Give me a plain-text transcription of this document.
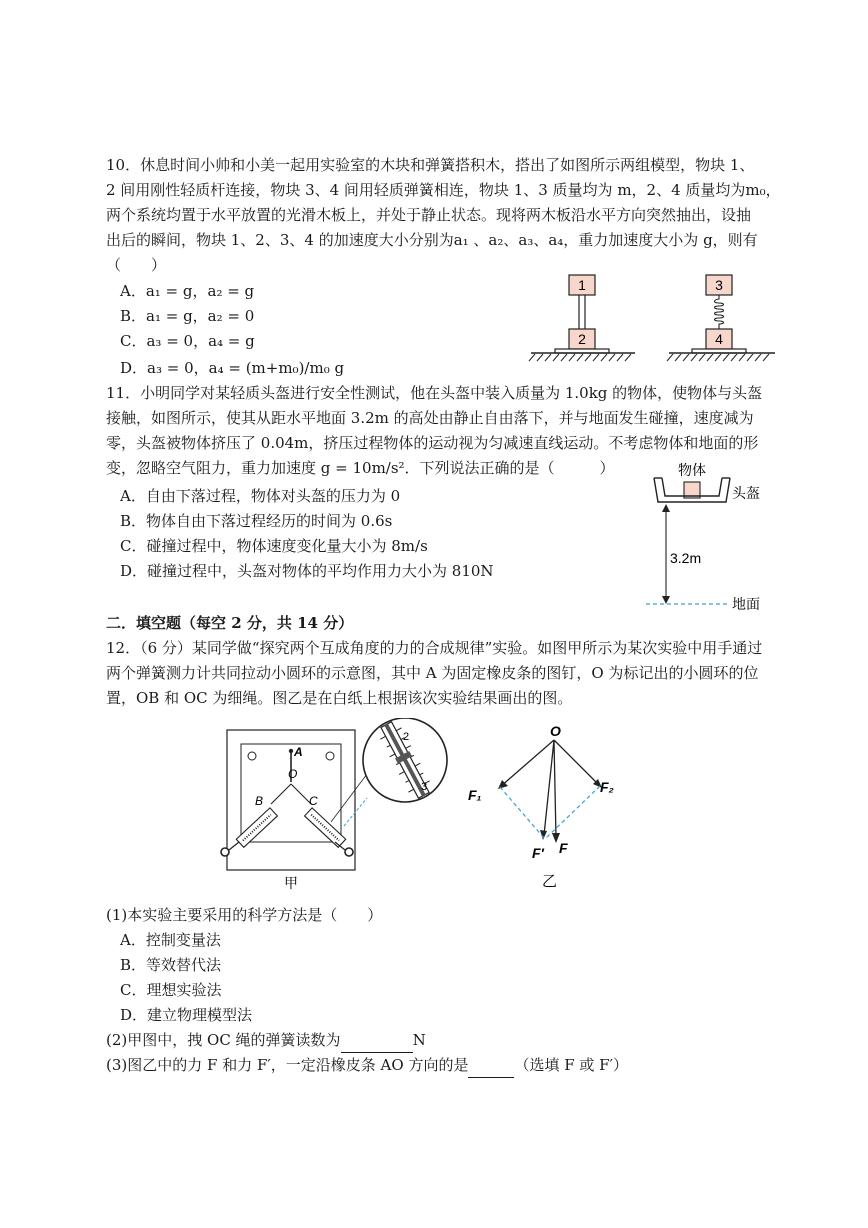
10．休息时间小帅和小美一起用实验室的木块和弹簧搭积木，搭出了如图所示两组模型，物块 1、
2 间用刚性轻质杆连接，物块 3、4 间用轻质弹簧相连，物块 1、3 质量均为 m，2、4 质量均为m₀，
两个系统均置于水平放置的光滑木板上，并处于静止状态。现将两木板沿水平方向突然抽出，设抽
出后的瞬间，物块 1、2、3、4 的加速度大小分别为a₁ 、a₂、a₃、a₄，重力加速度大小为 g，则有
（　　）
A．a₁ = g，a₂ = g
B．a₁ = g，a₂ = 0
C．a₃ = 0，a₄ = g
D．a₃ = 0，a₄ = (m+m₀)/m₀ g
1
2
3
4
11．小明同学对某轻质头盔进行安全性测试，他在头盔中装入质量为 1.0kg 的物体，使物体与头盔
接触，如图所示，使其从距水平地面 3.2m 的高处由静止自由落下，并与地面发生碰撞，速度减为
零，头盔被物体挤压了 0.04m，挤压过程物体的运动视为匀减速直线运动。不考虑物体和地面的形
变，忽略空气阻力，重力加速度 g = 10m/s²．下列说法正确的是（　　　）
A．自由下落过程，物体对头盔的压力为 0
B．物体自由下落过程经历的时间为 0.6s
C．碰撞过程中，物体速度变化量大小为 8m/s
D．碰撞过程中，头盔对物体的平均作用力大小为 810N
物体
头盔
3.2m
地面
二．填空题（每空 2 分，共 14 分）
12．（6 分）某同学做“探究两个互成角度的力的合成规律”实验。如图甲所示为某次实验中用手通过
两个弹簧测力计共同拉动小圆环的示意图，其中 A 为固定橡皮条的图钉，O 为标记出的小圆环的位
置，OB 和 OC 为细绳。图乙是在白纸上根据该次实验结果画出的图。
A
O
B	C
2
3
甲
O
F₁	F₂
F′ F
乙
(1)本实验主要采用的科学方法是（　　）
A．控制变量法
B．等效替代法
C．理想实验法
D．建立物理模型法
(2)甲图中，拽 OC 绳的弹簧读数为	N
(3)图乙中的力 F 和力 F′，一定沿橡皮条 AO 方向的是	（选填 F 或 F′）
